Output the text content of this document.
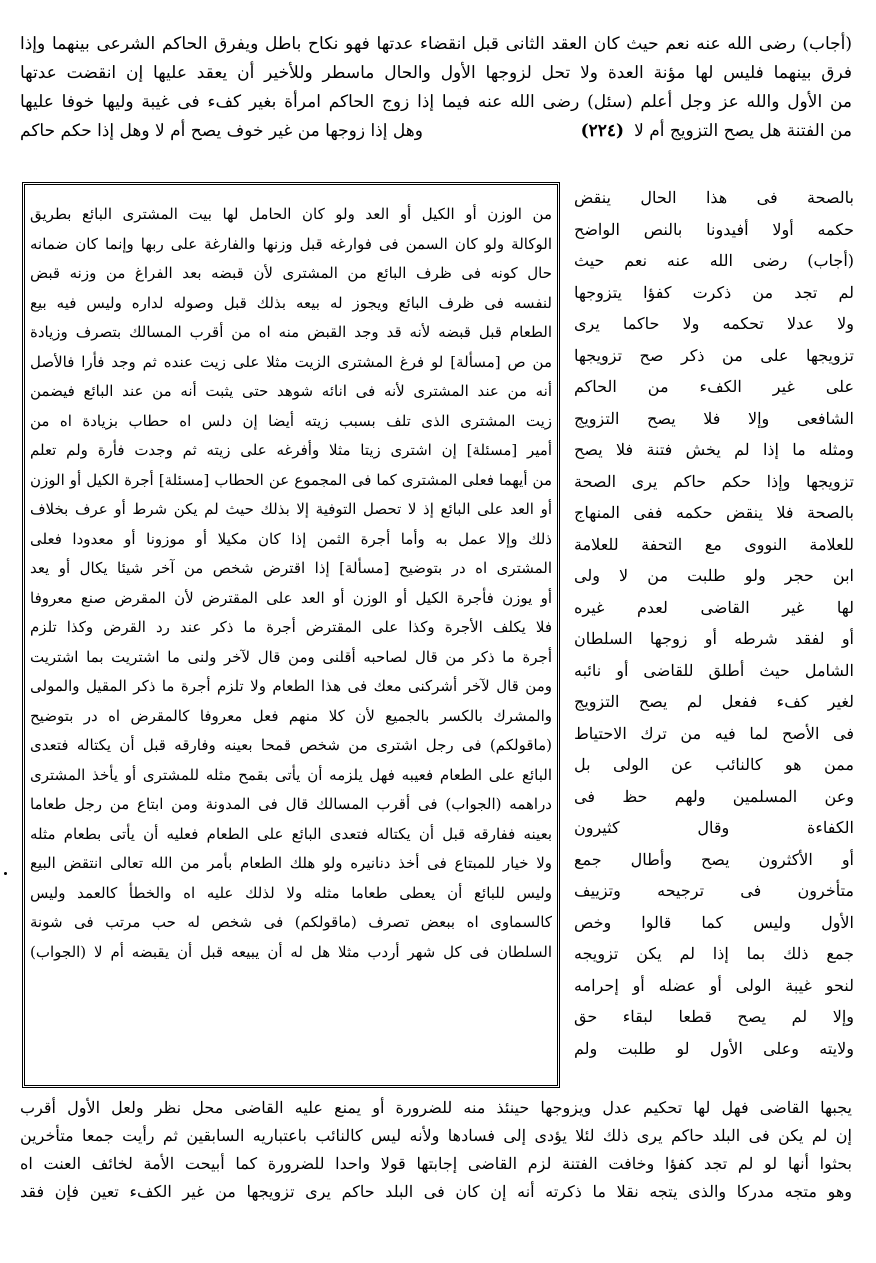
(أجاب) رضى الله عنه نعم حيث كان العقد الثانى قبل انقضاء عدتها فهو نكاح باطل ويفرق الحاكم الشرعى بينهما وإذا
فرق بينهما فليس لها مؤنة العدة ولا تحل لزوجها الأول والحال ماسطر وللأخير أن يعقد عليها إن انقضت عدتها
من الأول والله عز وجل أعلم (سئل) رضى الله عنه فيما إذا زوج الحاكم امرأة بغير كفء فى غيبة وليها خوفا عليها
من الفتنة هل يصح التزويج أم لا
(٢٢٤)
وهل إذا زوجها من غير خوف يصح أم لا وهل إذا حكم حاكم
بالصحة فى هذا الحال ينقض
حكمه أولا أفيدونا بالنص الواضح
(أجاب) رضى الله عنه نعم حيث
لم تجد من ذكرت كفؤا يتزوجها
ولا عدلا تحكمه ولا حاكما يرى
تزويجها على من ذكر صح تزويجها
على غير الكفء من الحاكم
الشافعى وإلا فلا يصح التزويج
ومثله ما إذا لم يخش فتنة فلا يصح
تزويجها وإذا حكم حاكم يرى الصحة
بالصحة فلا ينقض حكمه ففى المنهاج
للعلامة النووى مع التحفة للعلامة
ابن حجر ولو طلبت من لا ولى
لها غير القاضى لعدم غيره
أو لفقد شرطه أو زوجها السلطان
الشامل حيث أطلق للقاضى أو نائبه
لغير كفء ففعل لم يصح التزويج
فى الأصح لما فيه من ترك الاحتياط
ممن هو كالنائب عن الولى بل
وعن المسلمين ولهم حظ فى
الكفاءة وقال كثيرون
أو الأكثرون يصح وأطال جمع
متأخرون فى ترجيحه وتزييف
الأول وليس كما قالوا وخص
جمع ذلك بما إذا لم يكن تزويجه
لنحو غيبة الولى أو عضله أو إحرامه
وإلا لم يصح قطعا لبقاء حق
ولايته وعلى الأول لو طلبت ولم
من الوزن أو الكيل أو العد ولو كان الحامل لها بيت المشترى البائع بطريق
الوكالة ولو كان السمن فى فوارغه قبل وزنها والفارغة على ربها وإنما كان ضمانه
حال كونه فى ظرف البائع من المشترى لأن قبضه بعد الفراغ من وزنه قبض
لنفسه فى ظرف البائع ويجوز له بيعه بذلك قبل وصوله لداره وليس فيه بيع
الطعام قبل قبضه لأنه قد وجد القبض منه اه من أقرب المسالك بتصرف وزيادة
من ص [مسألة] لو فرغ المشترى الزيت مثلا على زيت عنده ثم وجد فأرا فالأصل
أنه من عند المشترى لأنه فى انائه شوهد حتى يثبت أنه من عند البائع فيضمن
زيت المشترى الذى تلف بسبب زيته أيضا إن دلس اه حطاب بزيادة اه من
أمير [مسئلة] إن اشترى زيتا مثلا وأفرغه على زيته ثم وجدت فأرة ولم تعلم
من أيهما فعلى المشترى كما فى المجموع عن الحطاب [مسئلة] أجرة الكيل أو الوزن
أو العد على البائع إذ لا تحصل التوفية إلا بذلك حيث لم يكن شرط أو عرف بخلاف
ذلك وإلا عمل به وأما أجرة الثمن إذا كان مكيلا أو موزونا أو معدودا فعلى
المشترى اه در بتوضيح [مسألة] إذا اقترض شخص من آخر شيئا يكال أو يعد
أو يوزن فأجرة الكيل أو الوزن أو العد على المقترض لأن المقرض صنع معروفا
فلا يكلف الأجرة وكذا على المقترض أجرة ما ذكر عند رد القرض وكذا تلزم
أجرة ما ذكر من قال لصاحبه أقلنى ومن قال لآخر ولنى ما اشتريت بما اشتريت
ومن قال لآخر أشركنى معك فى هذا الطعام ولا تلزم أجرة ما ذكر المقيل والمولى
والمشرك بالكسر بالجميع لأن كلا منهم فعل معروفا كالمقرض اه در بتوضيح
(ماقولكم) فى رجل اشترى من شخص قمحا بعينه وفارقه قبل أن يكتاله فتعدى
البائع على الطعام فعيبه فهل يلزمه أن يأتى بقمح مثله للمشترى أو يأخذ المشترى
دراهمه (الجواب) فى أقرب المسالك قال فى المدونة ومن ابتاع من رجل طعاما
بعينه ففارقه قبل أن يكتاله فتعدى البائع على الطعام فعليه أن يأتى بطعام مثله
ولا خيار للمبتاع فى أخذ دنانيره ولو هلك الطعام بأمر من الله تعالى انتقض البيع
وليس للبائع أن يعطى طعاما مثله ولا لذلك عليه اه والخطأ كالعمد وليس
كالسماوى اه ببعض تصرف (ماقولكم) فى شخص له حب مرتب فى شونة
السلطان فى كل شهر أردب مثلا هل له أن يبيعه قبل أن يقبضه أم لا (الجواب)
يجبها القاضى فهل لها تحكيم عدل ويزوجها حينئذ منه للضرورة أو يمنع عليه القاضى محل نظر ولعل الأول أقرب
إن لم يكن فى البلد حاكم يرى ذلك لئلا يؤدى إلى فسادها ولأنه ليس كالنائب باعتباريه السابقين ثم رأيت جمعا متأخرين
بحثوا أنها لو لم تجد كفؤا وخافت الفتنة لزم القاضى إجابتها قولا واحدا للضرورة كما أبيحت الأمة لخائف العنت اه
وهو متجه مدركا والذى يتجه نقلا ما ذكرته أنه إن كان فى البلد حاكم يرى تزويجها من غير الكفء تعين فإن فقد
